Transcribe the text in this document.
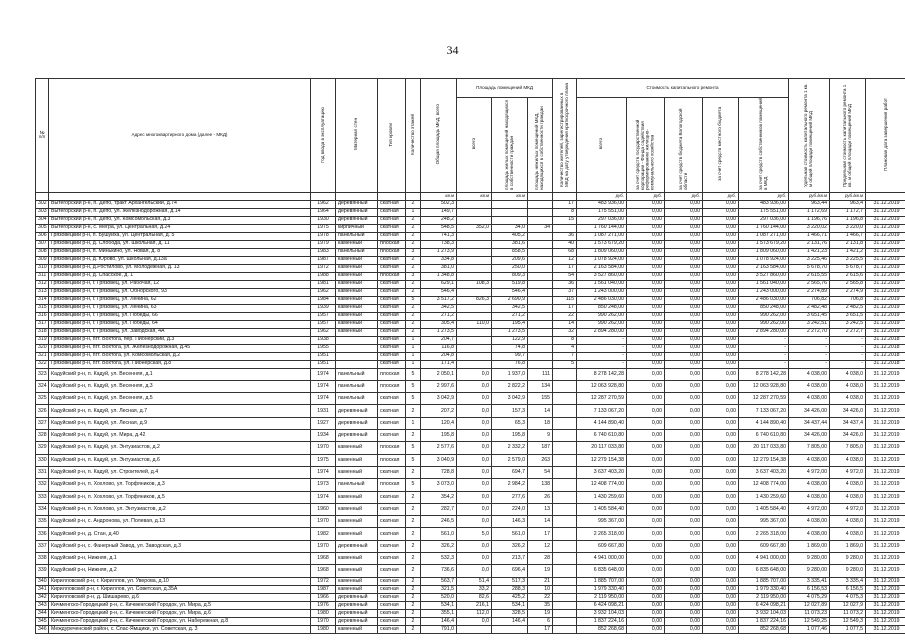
34
№ п/п	Адрес многоквартирного дома (далее - МКД)	Год ввода в эксплуатацию	Материал стен	Тип кровли	Количество этажей	Общая площадь МКД, всего	Площадь помещений МКД			Количество жителей, зарегистрированных в МКД на дату утверждения краткосрочного плана	Стоимость капитального ремонта					Удельная стоимость капитального ремонта 1 кв. м общей площади помещений МКД	Предельная стоимость капитального ремонта 1 кв. м общей площади помещений МКД	Плановая дата завершения работ
							всего	площадь жилых помещений находящихся в собственности граждан	площадь нежилых помещений МКД, находящихся в собственности граждан		всего	за счет средств государственной корпорации - Фонда содействия реформированию жилищно-коммунального хозяйства	за счет средств бюджета Вологодской области	за счет средств местного бюджета	за счет средств собственников помещений в МКД			
						кв.м	кв.м	кв.м			руб.	руб.	руб.	руб.	руб.	руб./кв.м	руб./кв.м	
302	Вытегорский р-н, п. Депо, тракт Архангельский, д.74	1962	деревянный	скатная	2	502,3				17	483 936,00	0,00	0,00	0,00	483 936,00	963,44	963,4	31.12.2019
303	Вытегорский р-н, п. Депо, ул. Железнодорожная, д.14	1964	деревянный	скатная	1	149,7				8	175 551,00	0,00	0,00	0,00	175 551,00	1 172,69	1 172,7	31.12.2019
304	Вытегорский р-н, п. Депо, ул. Комсомольская, д.3	1930	деревянный	скатная	2	248,2				15	297 036,00	0,00	0,00	0,00	297 036,00	1 196,76	1 196,8	31.12.2019
305	Вытегорский р-н, с. Мегра, ул. Центральная, д.24	1975	кирпичный	скатная	2	548,5	352,0	34,0	34		1 760 144,00	0,00	0,00	0,00	1 760 144,00	3 220,02	3 220,0	31.12.2019
306	Грязовецкий р-н, п. Бушуиха, ул. Центральная, д. 5	1978	панельный	скатная	2	741,3		405,2		36	1 087 271,00	0,00	0,00	0,00	1 087 271,00	1 466,71	1 466,7	31.12.2019
307	Грязовецкий р-н, д. Слобода, ул. Школьная, д. 11	1979	каменный	плоская	2	738,3		381,6		40	1 573 679,20	0,00	0,00	0,00	1 573 679,20	2 131,76	2 131,8	31.12.2019
308	Грязовецкий р-н, п. Минькино, ул. Новая, д. 8	1983	панельный	плоская	3	1 273,9		858,5		68	1 809 060,00	0,00	0,00	0,00	1 809 060,00	1 421,23	1 421,2	31.12.2019
309	Грязовецкий р-н, д. Юрово, ул. Школьная, д.13а	1987	каменный	скатная	2	334,8		209,6		12	1 078 924,00	0,00	0,00	0,00	1 078 924,00	3 225,46	3 225,5	31.12.2019
310	Грязовецкий р-н, д.Ростилово, ул. Молодежная, д. 13	1972	каменный	скатная	2	381,0		250,0		17	2 163 584,00	0,00	0,00	0,00	2 163 584,00	5 678,70	5 678,7	31.12.2019
311	Грязовецкий р-н, д. Спасское, д. 1	1988	каменный	плоская	3	1 348,8		809,3		54	3 527 860,00	0,00	0,00	0,00	3 527 860,00	2 615,55	2 615,6	31.12.2019
312	Грязовецкий р-н, г. Грязовец, ул. Рабочая, 12	1981	каменный	скатная	2	629,1	108,3	519,8		36	1 561 040,00	0,00	0,00	0,00	1 561 040,00	2 565,76	2 565,8	31.12.2019
313	Грязовецкий р-н, г. Грязовец, ул. Обнорского, 93	1962	каменный	скатная	2	546,4		546,4		37	1 243 000,00	0,00	0,00	0,00	1 243 000,00	2 274,89	2 274,9	31.12.2019
314	Грязовецкий р-н, г. Грязовец, ул. Ленина, 62	1984	каменный	скатная	5	3 517,2	826,3	2 690,9		115	2 486 030,00	0,00	0,00	0,00	2 486 030,00	706,82	706,8	31.12.2019
315	Грязовецкий р-н, г. Грязовец, ул. Ленина, 63	1939	каменный	скатная	2	342,5		342,5		17	850 248,00	0,00	0,00	0,00	850 248,00	2 482,48	2 482,5	31.12.2019
316	Грязовецкий р-н, г. Грязовец, ул. Победы, 66	1957	каменный	скатная	2	271,2		271,2		22	990 262,00	0,00	0,00	0,00	990 262,00	3 651,45	3 651,5	31.12.2019
317	Грязовецкий р-н, г. Грязовец, ул. Победы, 64	1957	каменный	скатная	2	305,4	110,0	195,4		14	990 262,00	0,00	0,00	0,00	990 262,00	3 242,51	3 242,5	31.12.2019
318	Грязовецкий р-н, г. Грязовец, ул. Заводская, 4А	1962	каменный	скатная	2	1 273,5		1 273,5		32	2 894 280,00	0,00	0,00	0,00	2 894 280,00	2 272,70	2 272,7	31.12.2019
319	Грязовецкий р-н, пгт. Вохтога, пер. Пионерский, д.3	1938		скатная	1	204,7		122,9		8	-	0,00	0,00	0,00	-	-	-	31.12.2018
320	Грязовецкий р-н, пгт. Вохтога, ул. Железнодорожная, д.45	1955		скатная	1	116,8		74,8		4	-	0,00	0,00	0,00	-	-	-	31.12.2018
321	Грязовецкий р-н, пгт. Вохтога, ул. Комсомольская, д.2	1951		скатная	1	204,8		99,7		7	-	0,00	0,00	0,00	-	-	-	31.12.2018
322	Грязовецкий р-н, пгт. Вохтога, ул. Пионерская, д.8	1951		скатная	1	171,4		76,8		5	-	0,00	0,00	0,00	-	-	-	31.12.2018
323	Кадуйский р-н, п. Кадуй, ул. Весенняя, д.1	1974	панельный	плоская	5	2 050,1	0,0	1 937,0	111		8 278 142,28	0,00	0,00	0,00	8 278 142,28	4 038,00	4 038,0	31.12.2019
324	Кадуйский р-н, п. Кадуй, ул. Весенняя, д.3	1974	панельный	плоская	5	2 997,6	0,0	2 822,2	134		12 063 928,80	0,00	0,00	0,00	12 063 928,80	4 038,00	4 038,0	31.12.2019
325	Кадуйский р-н, п. Кадуй, ул. Весенняя, д.5	1974	панельный	скатная	5	3 042,9	0,0	3 042,9	155		12 287 270,59	0,00	0,00	0,00	12 287 270,59	4 038,00	4 038,0	31.12.2019
326	Кадуйский р-н, п. Кадуй, ул. Лесная, д.7	1931	деревянный	скатная	2	207,2	0,0	157,3	14		7 133 067,20	0,00	0,00	0,00	7 133 067,20	34 426,00	34 426,0	31.12.2019
327	Кадуйский р-н, п. Кадуй, ул. Лесная, д.9	1927	деревянный	скатная	1	120,4	0,0	65,3	18		4 144 890,40	0,00	0,00	0,00	4 144 890,40	34 437,44	34 437,4	31.12.2019
328	Кадуйский р-н, п. Кадуй, ул. Мира, д.42	1934	деревянный	скатная	2	195,8	0,0	195,8	9		6 740 610,80	0,00	0,00	0,00	6 740 610,80	34 426,00	34 426,0	31.12.2019
329	Кадуйский р-н, п. Кадуй, ул. Энтузиастов, д.2	1970	каменный	плоская	5	2 577,6	0,0	2 332,2	187		20 117 033,80	0,00	0,00	0,00	20 117 033,80	7 805,00	7 805,0	31.12.2019
330	Кадуйский р-н, п. Кадуй, ул. Энтузиастов, д.6	1975	каменный	плоская	5	3 040,9	0,0	2 579,0	263		12 279 154,38	0,00	0,00	0,00	12 279 154,38	4 038,00	4 038,0	31.12.2019
331	Кадуйский р-н, п. Кадуй, ул. Строителей, д.4	1974	каменный	скатная	2	728,8	0,0	694,7	54		3 637 403,20	0,00	0,00	0,00	3 637 403,20	4 972,00	4 972,0	31.12.2019
332	Кадуйский р-н, п. Хохлово, ул. Торфяников, д.3	1973	панельный	плоская	5	3 073,0	0,0	2 984,2	138		12 408 774,00	0,00	0,00	0,00	12 408 774,00	4 038,00	4 038,0	31.12.2019
333	Кадуйский р-н, п. Хохлово, ул. Торфяников, д.5	1974	каменный	скатная	2	354,2	0,0	277,6	26		1 430 259,60	0,00	0,00	0,00	1 430 259,60	4 038,00	4 038,0	31.12.2019
334	Кадуйский р-н, п. Хохлово, ул. Энтузиастов, д.2	1960	каменный	скатная	2	282,7	0,0	224,0	13		1 405 584,40	0,00	0,00	0,00	1 405 584,40	4 972,00	4 972,0	31.12.2019
335	Кадуйский р-н, с. Андронова, ул. Полевая, д.13	1970	каменный	скатная	2	246,5	0,0	146,3	14		995 367,00	0,00	0,00	0,00	995 367,00	4 038,00	4 038,0	31.12.2019
336	Кадуйский р-н, д. Стан, д.40	1982	каменный	скатная	2	561,0	5,0	561,0	17		2 265 318,00	0,00	0,00	0,00	2 265 318,00	4 038,00	4 038,0	31.12.2019
337	Кадуйский р-н, с. Фанерный Завод, ул. Заводская, д.3	1970	деревянный	скатная	2	326,2	0,0	326,2	12		609 667,80	0,00	0,00	0,00	609 667,80	1 869,00	1 869,0	31.12.2019
338	Кадуйский р-н, Нижняя, д.1	1968	каменный	скатная	2	532,3	0,0	213,7	28		4 941 000,00	0,00	0,00	0,00	4 941 000,00	9 280,00	9 280,0	31.12.2019
339	Кадуйский р-н, Нижняя, д.2	1968	каменный	скатная	2	736,6	0,0	696,4	19		6 835 648,00	0,00	0,00	0,00	6 835 648,00	9 280,00	9 280,0	31.12.2019
340	Кирилловский р-н, г. Кириллов, ул. Уверова, д.10	1972	каменный	скатная	2	563,7	51,4	517,3	21		1 885 707,00	0,00	0,00	0,00	1 885 707,00	3 335,41	3 335,4	31.12.2019
341	Кирилловский р-н, г. Кириллов, ул. Советская, д.35А	1987	каменный	скатная	2	321,5	33,2	288,3	10		1 979 330,40	0,00	0,00	0,00	1 979 330,40	6 156,53	6 156,5	31.12.2019
342	Кирилловский р-н, д. Шишарево, д.6	1966	деревянный	скатная	2	520,0	82,6	425,2	22		2 119 950,00	0,00	0,00	0,00	2 119 950,00	4 075,29	4 075,3	31.12.2019
343	Кичменгско-Городецкий р-н, с. Кичменгский Городок, ул. Мира, д.5	1976	деревянный	скатная	2	534,1	216,1	534,1	35		6 424 098,21	0,00	0,00	0,00	6 424 098,21	12 027,89	12 027,9	31.12.2019
344	Кичменгско-Городецкий р-н, с. Кичменгский Городок, ул. Мира, д.6	1980	деревянный	скатная	2	355,1	112,0	328,5	19		3 932 104,03	0,00	0,00	0,00	3 932 104,03	11 073,23	11 073,2	31.12.2019
345	Кичменгско-Городецкий р-н, с. Кичменгский Городок, ул. Набережная, д.8	1970	деревянный	скатная	2	146,4	0,0	146,4	6		1 837 224,16	0,00	0,00	0,00	1 837 224,16	12 549,25	12 549,3	31.12.2019
346	Междуреченский район, с. Спас-Ямщики, ул. Советская, д. 3	1980	каменный	скатная	2	791,0			17		852 268,68	0,00	0,00	0,00	852 268,68	1 077,46	1 077,5	31.12.2019
